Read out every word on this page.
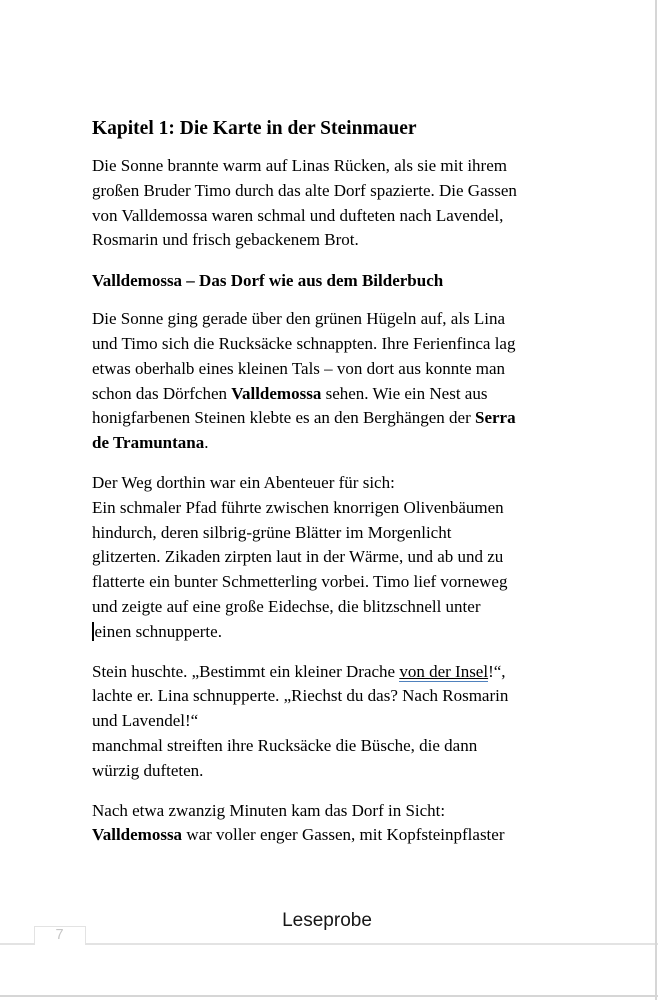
Kapitel 1: Die Karte in der Steinmauer
Die Sonne brannte warm auf Linas Rücken, als sie mit ihrem
großen Bruder Timo durch das alte Dorf spazierte. Die Gassen
von Valldemossa waren schmal und dufteten nach Lavendel,
Rosmarin und frisch gebackenem Brot.
Valldemossa – Das Dorf wie aus dem Bilderbuch
Die Sonne ging gerade über den grünen Hügeln auf, als Lina
und Timo sich die Rucksäcke schnappten. Ihre Ferienfinca lag
etwas oberhalb eines kleinen Tals – von dort aus konnte man
schon das Dörfchen Valldemossa sehen. Wie ein Nest aus
honigfarbenen Steinen klebte es an den Berghängen der Serra
de Tramuntana.
Der Weg dorthin war ein Abenteuer für sich:
Ein schmaler Pfad führte zwischen knorrigen Olivenbäumen
hindurch, deren silbrig-grüne Blätter im Morgenlicht
glitzerten. Zikaden zirpten laut in der Wärme, und ab und zu
flatterte ein bunter Schmetterling vorbei. Timo lief vorneweg
und zeigte auf eine große Eidechse, die blitzschnell unter
einen schnupperte.
Stein huschte. „Bestimmt ein kleiner Drache von der Insel!“,
lachte er. Lina schnupperte. „Riechst du das? Nach Rosmarin
und Lavendel!“
manchmal streiften ihre Rucksäcke die Büsche, die dann
würzig dufteten.
Nach etwa zwanzig Minuten kam das Dorf in Sicht:
Valldemossa war voller enger Gassen, mit Kopfsteinpflaster
Leseprobe
7
